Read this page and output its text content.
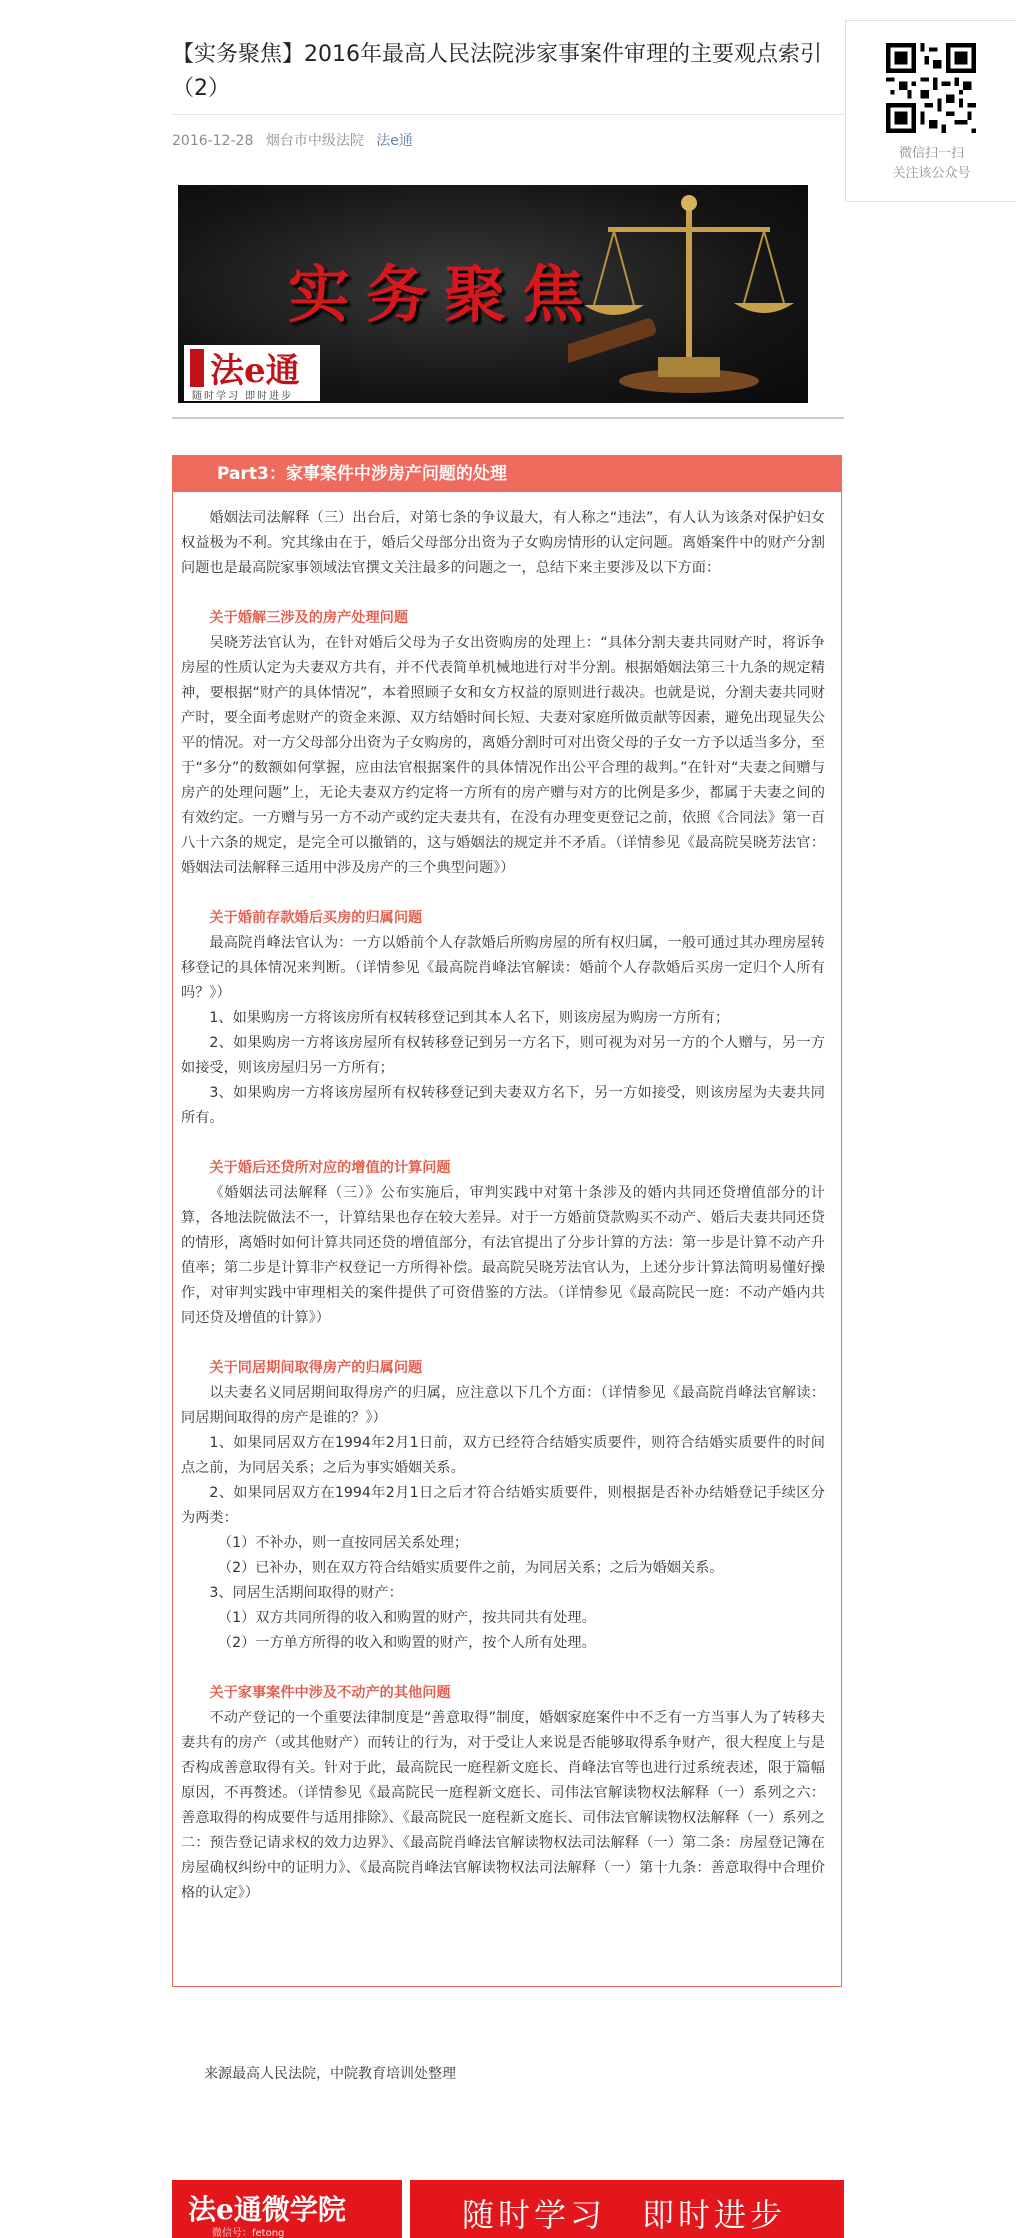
【实务聚焦】2016年最高人民法院涉家事案件审理的主要观点索引（2）
2016-12-28 烟台市中级法院 法e通
实务聚焦
法e通
随时学习 即时进步
Part3：家事案件中涉房产问题的处理

婚姻法司法解释（三）出台后，对第七条的争议最大，有人称之“违法”，有人认为该条对保护妇女权益极为不利。究其缘由在于，婚后父母部分出资为子女购房情形的认定问题。离婚案件中的财产分割问题也是最高院家事领域法官撰文关注最多的问题之一，总结下来主要涉及以下方面：

关于婚解三涉及的房产处理问题

吴晓芳法官认为，在针对婚后父母为子女出资购房的处理上：“具体分割夫妻共同财产时，将诉争房屋的性质认定为夫妻双方共有，并不代表简单机械地进行对半分割。根据婚姻法第三十九条的规定精神，要根据“财产的具体情况”，本着照顾子女和女方权益的原则进行裁决。也就是说，分割夫妻共同财产时，要全面考虑财产的资金来源、双方结婚时间长短、夫妻对家庭所做贡献等因素，避免出现显失公平的情况。对一方父母部分出资为子女购房的，离婚分割时可对出资父母的子女一方予以适当多分，至于“多分”的数额如何掌握，应由法官根据案件的具体情况作出公平合理的裁判。”在针对“夫妻之间赠与房产的处理问题”上，无论夫妻双方约定将一方所有的房产赠与对方的比例是多少，都属于夫妻之间的有效约定。一方赠与另一方不动产或约定夫妻共有，在没有办理变更登记之前，依照《合同法》第一百八十六条的规定，是完全可以撤销的，这与婚姻法的规定并不矛盾。（详情参见《最高院吴晓芳法官：婚姻法司法解释三适用中涉及房产的三个典型问题》）

关于婚前存款婚后买房的归属问题

最高院肖峰法官认为：一方以婚前个人存款婚后所购房屋的所有权归属，一般可通过其办理房屋转移登记的具体情况来判断。（详情参见《最高院肖峰法官解读：婚前个人存款婚后买房一定归个人所有吗？》）

1、如果购房一方将该房所有权转移登记到其本人名下，则该房屋为购房一方所有；

2、如果购房一方将该房屋所有权转移登记到另一方名下，则可视为对另一方的个人赠与，另一方如接受，则该房屋归另一方所有；

3、如果购房一方将该房屋所有权转移登记到夫妻双方名下，另一方如接受，则该房屋为夫妻共同所有。

关于婚后还贷所对应的增值的计算问题

《婚姻法司法解释（三）》公布实施后，审判实践中对第十条涉及的婚内共同还贷增值部分的计算，各地法院做法不一，计算结果也存在较大差异。对于一方婚前贷款购买不动产、婚后夫妻共同还贷的情形，离婚时如何计算共同还贷的增值部分，有法官提出了分步计算的方法：第一步是计算不动产升值率；第二步是计算非产权登记一方所得补偿。最高院吴晓芳法官认为，上述分步计算法简明易懂好操作，对审判实践中审理相关的案件提供了可资借鉴的方法。（详情参见《最高院民一庭：不动产婚内共同还贷及增值的计算》）

关于同居期间取得房产的归属问题

以夫妻名义同居期间取得房产的归属，应注意以下几个方面：（详情参见《最高院肖峰法官解读：同居期间取得的房产是谁的？》）

1、如果同居双方在1994年2月1日前，双方已经符合结婚实质要件，则符合结婚实质要件的时间点之前，为同居关系；之后为事实婚姻关系。

2、如果同居双方在1994年2月1日之后才符合结婚实质要件，则根据是否补办结婚登记手续区分为两类：

（1）不补办，则一直按同居关系处理；

（2）已补办，则在双方符合结婚实质要件之前，为同居关系；之后为婚姻关系。

3、同居生活期间取得的财产：

（1）双方共同所得的收入和购置的财产，按共同共有处理。

（2）一方单方所得的收入和购置的财产，按个人所有处理。

关于家事案件中涉及不动产的其他问题

不动产登记的一个重要法律制度是“善意取得”制度，婚姻家庭案件中不乏有一方当事人为了转移夫妻共有的房产（或其他财产）而转让的行为，对于受让人来说是否能够取得系争财产，很大程度上与是否构成善意取得有关。针对于此，最高院民一庭程新文庭长、肖峰法官等也进行过系统表述，限于篇幅原因，不再赘述。（详情参见《最高院民一庭程新文庭长、司伟法官解读物权法解释（一）系列之六：善意取得的构成要件与适用排除》、《最高院民一庭程新文庭长、司伟法官解读物权法解释（一）系列之二：预告登记请求权的效力边界》、《最高院肖峰法官解读物权法司法解释（一）第二条：房屋登记簿在房屋确权纠纷中的证明力》、《最高院肖峰法官解读物权法司法解释（一）第十九条：善意取得中合理价格的认定》）

来源最高人民法院，中院教育培训处整理
法e通微学院
微信号：fetong	随时学习　即时进步
微信扫一扫
关注该公众号
